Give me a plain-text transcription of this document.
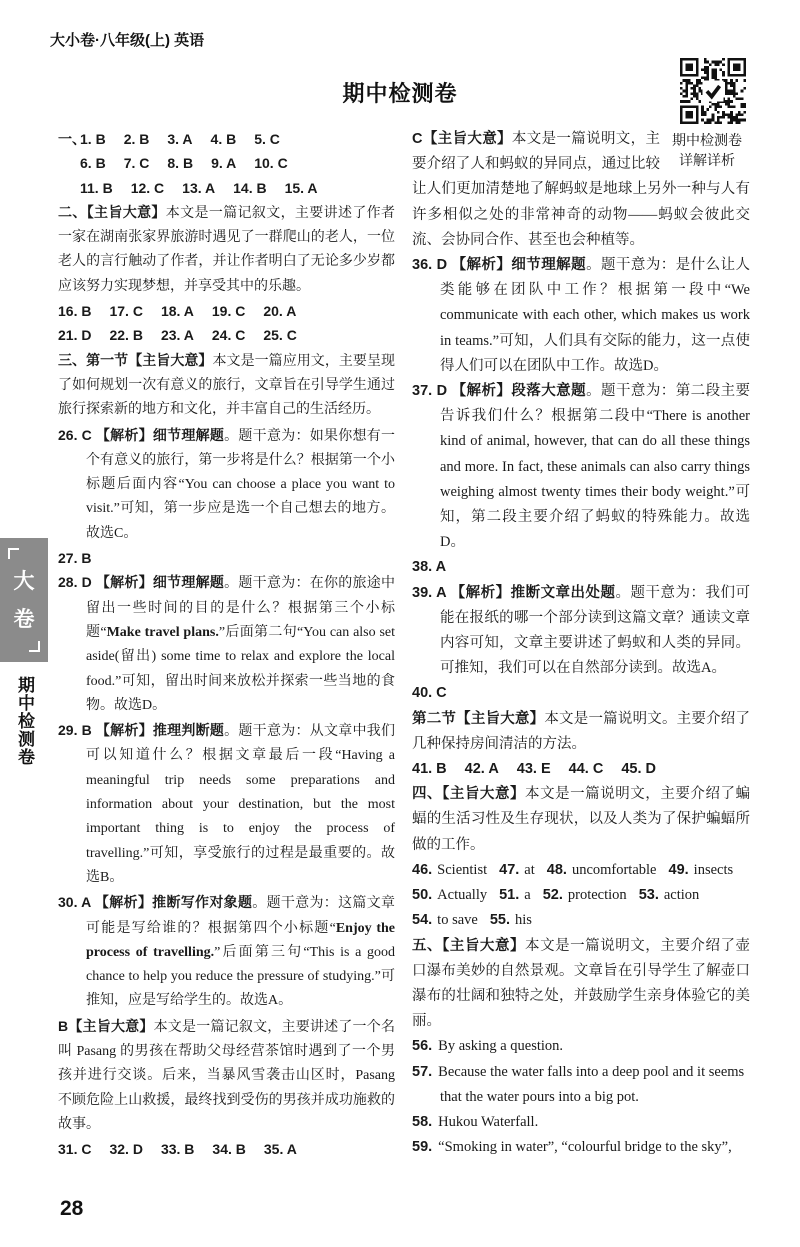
大小卷·八年级(上) 英语
期中检测卷
大
卷
期中检测卷
一、
1. B 2. B 3. A 4. B 5. C
6. B 7. C 8. B 9. A 10. C
11. B 12. C 13. A 14. B 15. A

二、【主旨大意】本文是一篇记叙文，主要讲述了作者一家在湖南张家界旅游时遇见了一群爬山的老人，一位老人的言行触动了作者，并让作者明白了无论多少岁都应该努力实现梦想，并享受其中的乐趣。

16. B 17. C 18. A 19. C 20. A
21. D 22. B 23. A 24. C 25. C

三、第一节【主旨大意】本文是一篇应用文，主要呈现了如何规划一次有意义的旅行，文章旨在引导学生通过旅行探索新的地方和文化，并丰富自己的生活经历。

26. C 【解析】细节理解题。题干意为：如果你想有一个有意义的旅行，第一步将是什么？根据第一个小标题后面内容“You can choose a place you want to visit.”可知，第一步应是选一个自己想去的地方。故选C。

27. B

28. D 【解析】细节理解题。题干意为：在你的旅途中留出一些时间的目的是什么？根据第三个小标题“Make travel plans.”后面第二句“You can also set aside(留出) some time to relax and explore the local food.”可知，留出时间来放松并探索一些当地的食物。故选D。

29. B 【解析】推理判断题。题干意为：从文章中我们可以知道什么？根据文章最后一段“Having a meaningful trip needs some preparations and information about your destination, but the most important thing is to enjoy the process of travelling.”可知，享受旅行的过程是最重要的。故选B。

30. A 【解析】推断写作对象题。题干意为：这篇文章可能是写给谁的？根据第四个小标题“Enjoy the process of travelling.”后面第三句“This is a good chance to help you reduce the pressure of studying.”可推知，应是写给学生的。故选A。

B【主旨大意】本文是一篇记叙文，主要讲述了一个名叫 Pasang 的男孩在帮助父母经营茶馆时遇到了一个男孩并进行交谈。后来，当暴风雪袭击山区时，Pasang 不顾危险上山救援，最终找到受伤的男孩并成功施救的故事。

31. C 32. D 33. B 34. B 35. A
期中检测卷
详解详析

C【主旨大意】本文是一篇说明文，主要介绍了人和蚂蚁的异同点，通过比较让人们更加清楚地了解蚂蚁是地球上另外一种与人有许多相似之处的非常神奇的动物——蚂蚁会彼此交流、会协同合作、甚至也会种植等。

36. D 【解析】细节理解题。题干意为：是什么让人类能够在团队中工作？根据第一段中“We communicate with each other, which makes us work in teams.”可知，人们具有交际的能力，这一点使得人们可以在团队中工作。故选D。

37. D 【解析】段落大意题。题干意为：第二段主要告诉我们什么？根据第二段中“There is another kind of animal, however, that can do all these things and more. In fact, these animals can also carry things weighing almost twenty times their body weight.”可知，第二段主要介绍了蚂蚁的特殊能力。故选D。

38. A

39. A 【解析】推断文章出处题。题干意为：我们可能在报纸的哪一个部分读到这篇文章？通读文章内容可知，文章主要讲述了蚂蚁和人类的异同。可推知，我们可以在自然部分读到。故选A。

40. C

第二节【主旨大意】本文是一篇说明文。主要介绍了几种保持房间清洁的方法。

41. B 42. A 43. E 44. C 45. D

四、【主旨大意】本文是一篇说明文，主要介绍了蝙蝠的生活习性及生存现状，以及人类为了保护蝙蝠所做的工作。

46. Scientist 47. at 48. uncomfortable 49. insects
50. Actually 51. a 52. protection 53. action
54. to save 55. his

五、【主旨大意】本文是一篇说明文，主要介绍了壶口瀑布美妙的自然景观。文章旨在引导学生了解壶口瀑布的壮阔和独特之处，并鼓励学生亲身体验它的美丽。

56. By asking a question.

57. Because the water falls into a deep pool and it seems that the water pours into a big pot.

58. Hukou Waterfall.

59. “Smoking in water”, “colourful bridge to the sky”,

28
